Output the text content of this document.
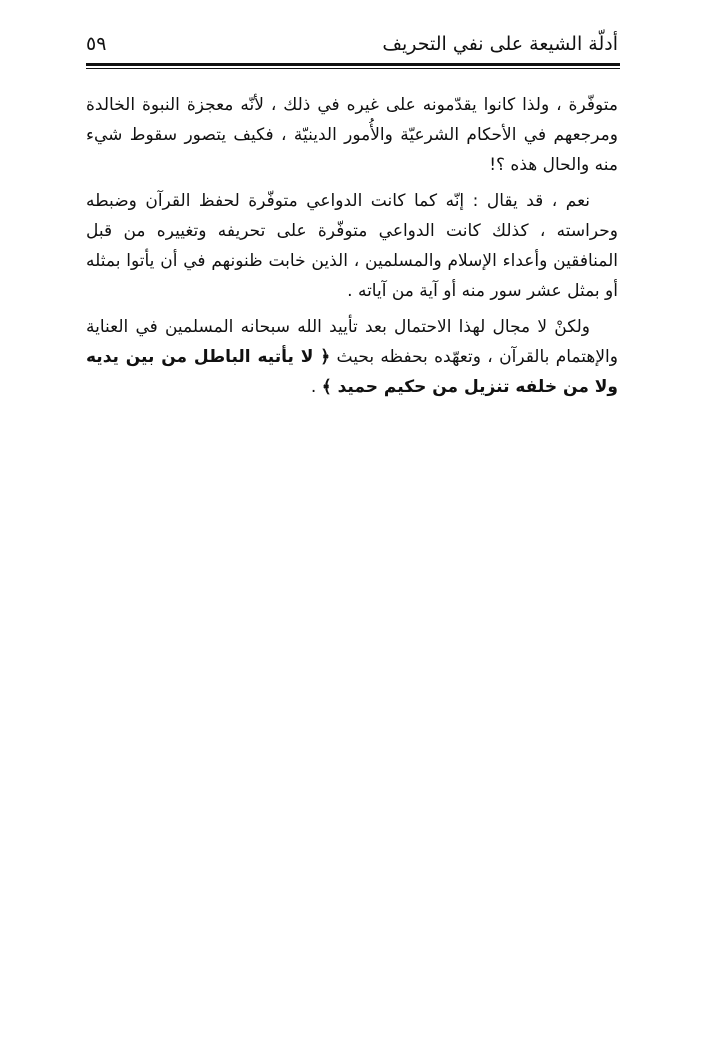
أدلّة الشيعة على نفي التحريف
٥٩

متوفّرة ، ولذا كانوا يقدّمونه على غيره في ذلك ، لأنّه معجزة النبوة الخالدة ومرجعهم في الأحكام الشرعيّة والأُمور الدينيّة ، فكيف يتصور سقوط شيء منه والحال هذه ؟!

نعم ، قد يقال : إنّه كما كانت الدواعي متوفّرة لحفظ القرآن وضبطه وحراسته ، كذلك كانت الدواعي متوفّرة على تحريفه وتغييره من قبل المنافقين وأعداء الإسلام والمسلمين ، الذين خابت ظنونهم في أن يأتوا بمثله أو بمثل عشر سور منه أو آية من آياته .

ولكنْ لا مجال لهذا الاحتمال بعد تأييد الله سبحانه المسلمين في العناية والإهتمام بالقرآن ، وتعهّده بحفظه بحيث ﴿ لا يأتيه الباطل من بين يديه ولا من خلفه تنزيل من حكيم حميد ﴾ .
